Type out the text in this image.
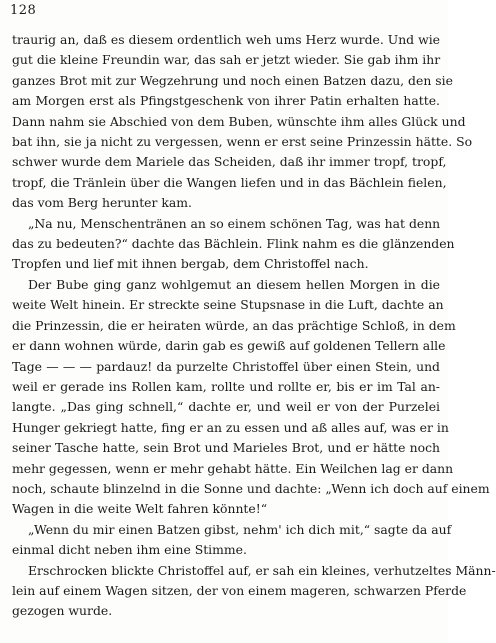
128

traurig an, daß es diesem ordentlich weh ums Herz wurde. Und wie
gut die kleine Freundin war, das sah er jetzt wieder. Sie gab ihm ihr
ganzes Brot mit zur Wegzehrung und noch einen Batzen dazu, den sie
am Morgen erst als Pfingstgeschenk von ihrer Patin erhalten hatte.
Dann nahm sie Abschied von dem Buben, wünschte ihm alles Glück und
bat ihn, sie ja nicht zu vergessen, wenn er erst seine Prinzessin hätte. So
schwer wurde dem Mariele das Scheiden, daß ihr immer tropf, tropf,
tropf, die Tränlein über die Wangen liefen und in das Bächlein fielen,
das vom Berg herunter kam.

„Na nu, Menschentränen an so einem schönen Tag, was hat denn
das zu bedeuten?“ dachte das Bächlein. Flink nahm es die glänzenden
Tropfen und lief mit ihnen bergab, dem Christoffel nach.

Der Bube ging ganz wohlgemut an diesem hellen Morgen in die
weite Welt hinein. Er streckte seine Stupsnase in die Luft, dachte an
die Prinzessin, die er heiraten würde, an das prächtige Schloß, in dem
er dann wohnen würde, darin gab es gewiß auf goldenen Tellern alle
Tage — — — pardauz! da purzelte Christoffel über einen Stein, und
weil er gerade ins Rollen kam, rollte und rollte er, bis er im Tal an-
langte. „Das ging schnell,“ dachte er, und weil er von der Purzelei
Hunger gekriegt hatte, fing er an zu essen und aß alles auf, was er in
seiner Tasche hatte, sein Brot und Marieles Brot, und er hätte noch
mehr gegessen, wenn er mehr gehabt hätte. Ein Weilchen lag er dann
noch, schaute blinzelnd in die Sonne und dachte: „Wenn ich doch auf einem
Wagen in die weite Welt fahren könnte!“

„Wenn du mir einen Batzen gibst, nehm' ich dich mit,“ sagte da auf
einmal dicht neben ihm eine Stimme.

Erschrocken blickte Christoffel auf, er sah ein kleines, verhutzeltes Männ-
lein auf einem Wagen sitzen, der von einem mageren, schwarzen Pferde
gezogen wurde.
